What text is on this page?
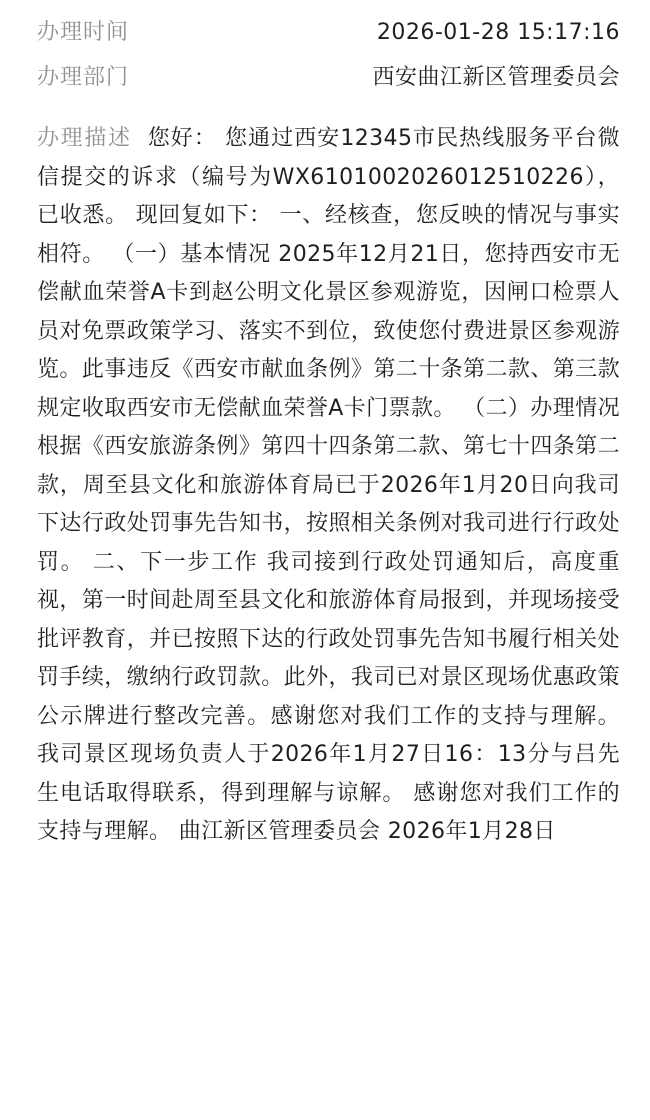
办理时间	2026-01-28 15:17:16
办理部门	西安曲江新区管理委员会
办理描述 您好： 您通过西安12345市民热线服务平台微信提交的诉求（编号为WX6101002026012510226），已收悉。 现回复如下： 一、经核查，您反映的情况与事实相符。 （一）基本情况 2025年12月21日，您持西安市无偿献血荣誉A卡到赵公明文化景区参观游览，因闸口检票人员对免票政策学习、落实不到位，致使您付费进景区参观游览。此事违反《西安市献血条例》第二十条第二款、第三款规定收取西安市无偿献血荣誉A卡门票款。 （二）办理情况 根据《西安旅游条例》第四十四条第二款、第七十四条第二款，周至县文化和旅游体育局已于2026年1月20日向我司下达行政处罚事先告知书，按照相关条例对我司进行行政处罚。 二、下一步工作 我司接到行政处罚通知后，高度重视，第一时间赴周至县文化和旅游体育局报到，并现场接受批评教育，并已按照下达的行政处罚事先告知书履行相关处罚手续，缴纳行政罚款。此外，我司已对景区现场优惠政策公示牌进行整改完善。感谢您对我们工作的支持与理解。 我司景区现场负责人于2026年1月27日16：13分与吕先生电话取得联系，得到理解与谅解。 感谢您对我们工作的支持与理解。 曲江新区管理委员会 2026年1月28日
